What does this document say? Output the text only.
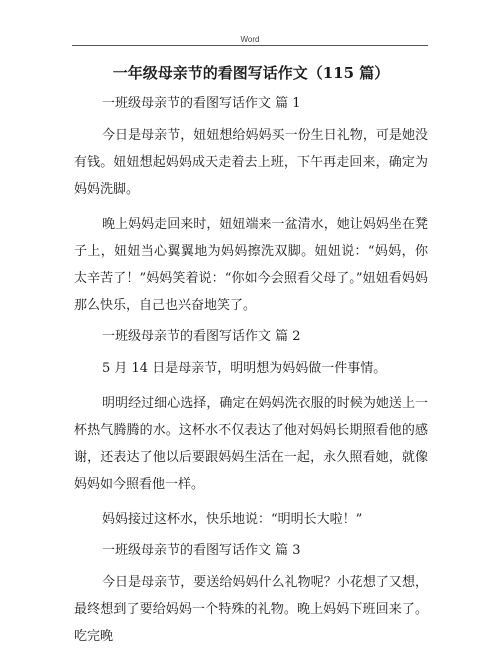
Word
一年级母亲节的看图写话作文（115 篇）

一班级母亲节的看图写话作文 篇 1

今日是母亲节，妞妞想给妈妈买一份生日礼物，可是她没有钱。妞妞想起妈妈成天走着去上班，下午再走回来，确定为妈妈洗脚。

晚上妈妈走回来时，妞妞端来一盆清水，她让妈妈坐在凳子上，妞妞当心翼翼地为妈妈擦洗双脚。妞妞说：“妈妈，你太辛苦了！”妈妈笑着说：“你如今会照看父母了。”妞妞看妈妈那么快乐，自己也兴奋地笑了。

一班级母亲节的看图写话作文 篇 2

5 月 14 日是母亲节，明明想为妈妈做一件事情。

明明经过细心选择，确定在妈妈洗衣服的时候为她送上一杯热气腾腾的水。这杯水不仅表达了他对妈妈长期照看他的感谢，还表达了他以后要跟妈妈生活在一起，永久照看她，就像妈妈如今照看他一样。

妈妈接过这杯水，快乐地说：“明明长大啦！”

一班级母亲节的看图写话作文 篇 3

今日是母亲节，要送给妈妈什么礼物呢？小花想了又想，最终想到了要给妈妈一个特殊的礼物。晚上妈妈下班回来了。吃完晚
